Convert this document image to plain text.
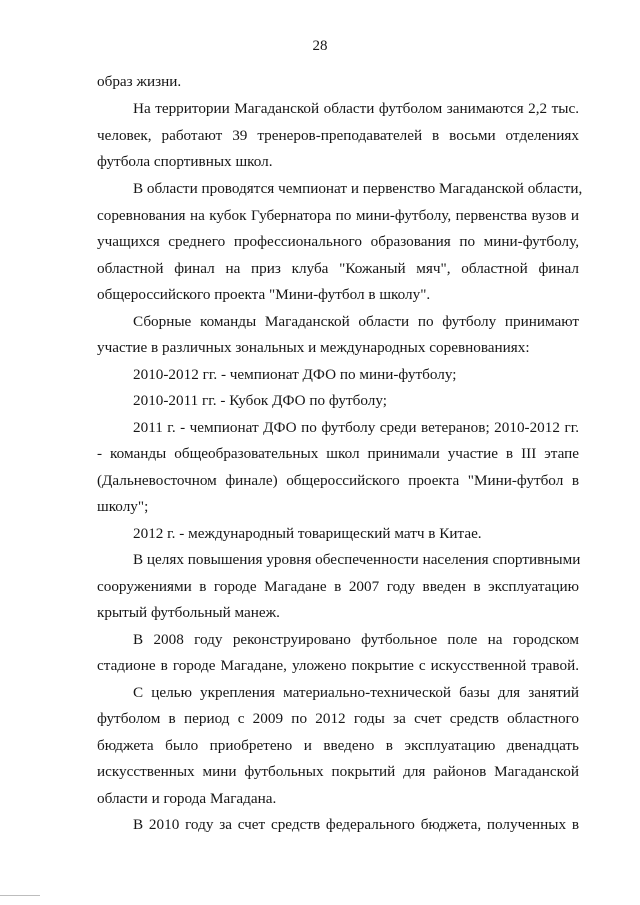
28
образ жизни.
На территории Магаданской области футболом занимаются 2,2 тыс.
человек, работают 39 тренеров-преподавателей в восьми отделениях
футбола спортивных школ.
В области проводятся чемпионат и первенство Магаданской области,
соревнования на кубок Губернатора по мини-футболу, первенства вузов и
учащихся среднего профессионального образования по мини-футболу,
областной финал на приз клуба "Кожаный мяч", областной финал
общероссийского проекта "Мини-футбол в школу".
Сборные команды Магаданской области по футболу принимают
участие в различных зональных и международных соревнованиях:
2010-2012 гг. - чемпионат ДФО по мини-футболу;
2010-2011 гг. - Кубок ДФО по футболу;
2011 г. - чемпионат ДФО по футболу среди ветеранов; 2010-2012 гг.
- команды общеобразовательных школ принимали участие в III этапе
(Дальневосточном финале) общероссийского проекта "Мини-футбол в
школу";
2012 г. - международный товарищеский матч в Китае.
В целях повышения уровня обеспеченности населения спортивными
сооружениями в городе Магадане в 2007 году введен в эксплуатацию
крытый футбольный манеж.
В 2008 году реконструировано футбольное поле на городском
стадионе в городе Магадане, уложено покрытие с искусственной травой.
С целью укрепления материально-технической базы для занятий
футболом в период с 2009 по 2012 годы за счет средств областного
бюджета было приобретено и введено в эксплуатацию двенадцать
искусственных мини футбольных покрытий для районов Магаданской
области и города Магадана.
В 2010 году за счет средств федерального бюджета, полученных в
